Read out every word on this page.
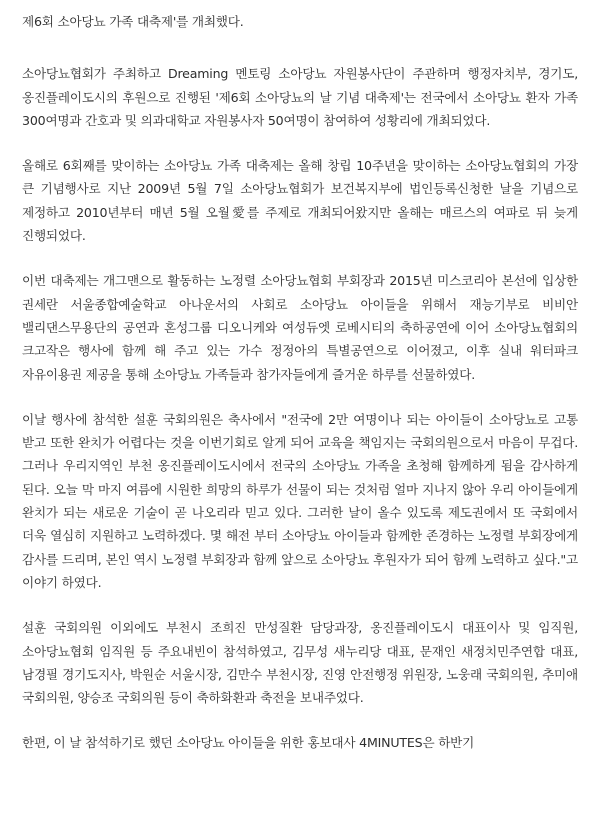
제6회 소아당뇨 가족 대축제'를 개최했다.

소아당뇨협회가 주최하고 Dreaming 멘토링 소아당뇨 자원봉사단이 주관하며 행정자치부, 경기도, 옹진플레이도시의 후원으로 진행된 '제6회 소아당뇨의 날 기념 대축제'는 전국에서 소아당뇨 환자 가족 300여명과 간호과 및 의과대학교 자원봉사자 50여명이 참여하여 성황리에 개최되었다.

올해로 6회째를 맞이하는 소아당뇨 가족 대축제는 올해 창립 10주년을 맞이하는 소아당뇨협회의 가장 큰 기념행사로 지난 2009년 5월 7일 소아당뇨협회가 보건복지부에 법인등록신청한 날을 기념으로 제정하고 2010년부터 매년 5월 오월愛를 주제로 개최되어왔지만 올해는 매르스의 여파로 뒤 늦게 진행되었다.

이번 대축제는 개그맨으로 활동하는 노정렬 소아당뇨협회 부회장과 2015년 미스코리아 본선에 입상한 권세란 서울종합예술학교 아나운서의 사회로 소아당뇨 아이들을 위해서 재능기부로 비비안 밸리댄스무용단의 공연과 혼성그룹 디오니케와 여성듀엣 로베시티의 축하공연에 이어 소아당뇨협회의 크고작은 행사에 함께 해 주고 있는 가수 정정아의 특별공연으로 이어졌고, 이후 실내 워터파크 자유이용권 제공을 통해 소아당뇨 가족들과 참가자들에게 즐거운 하루를 선물하였다.

이날 행사에 참석한 설훈 국회의원은 축사에서 "전국에 2만 여명이나 되는 아이들이 소아당뇨로 고통 받고 또한 완치가 어렵다는 것을 이번기회로 알게 되어 교육을 책임지는 국회의원으로서 마음이 무겁다. 그러나 우리지역인 부천 옹진플레이도시에서 전국의 소아당뇨 가족을 초청해 함께하게 됨을 감사하게 된다. 오늘 막 마지 여름에 시원한 희망의 하루가 선물이 되는 것처럼 얼마 지나지 않아 우리 아이들에게 완치가 되는 새로운 기술이 곧 나오리라 믿고 있다. 그러한 날이 올수 있도록 제도권에서 또 국회에서 더욱 열심히 지원하고 노력하겠다. 몇 해전 부터 소아당뇨 아이들과 함께한 존경하는 노정렬 부회장에게 감사를 드리며, 본인 역시 노정렬 부회장과 함께 앞으로 소아당뇨 후원자가 되어 함께 노력하고 싶다."고 이야기 하였다.

설훈 국회의원 이외에도 부천시 조희진 만성질환 담당과장, 옹진플레이도시 대표이사 및 임직원, 소아당뇨협회 임직원 등 주요내빈이 참석하였고, 김무성 새누리당 대표, 문재인 새정치민주연합 대표, 남경필 경기도지사, 박원순 서울시장, 김만수 부천시장, 진영 안전행정 위원장, 노웅래 국회의원, 추미애 국회의원, 양승조 국회의원 등이 축하화환과 축전을 보내주었다.

한편, 이 날 참석하기로 했던 소아당뇨 아이들을 위한 홍보대사 4MINUTES은 하반기
